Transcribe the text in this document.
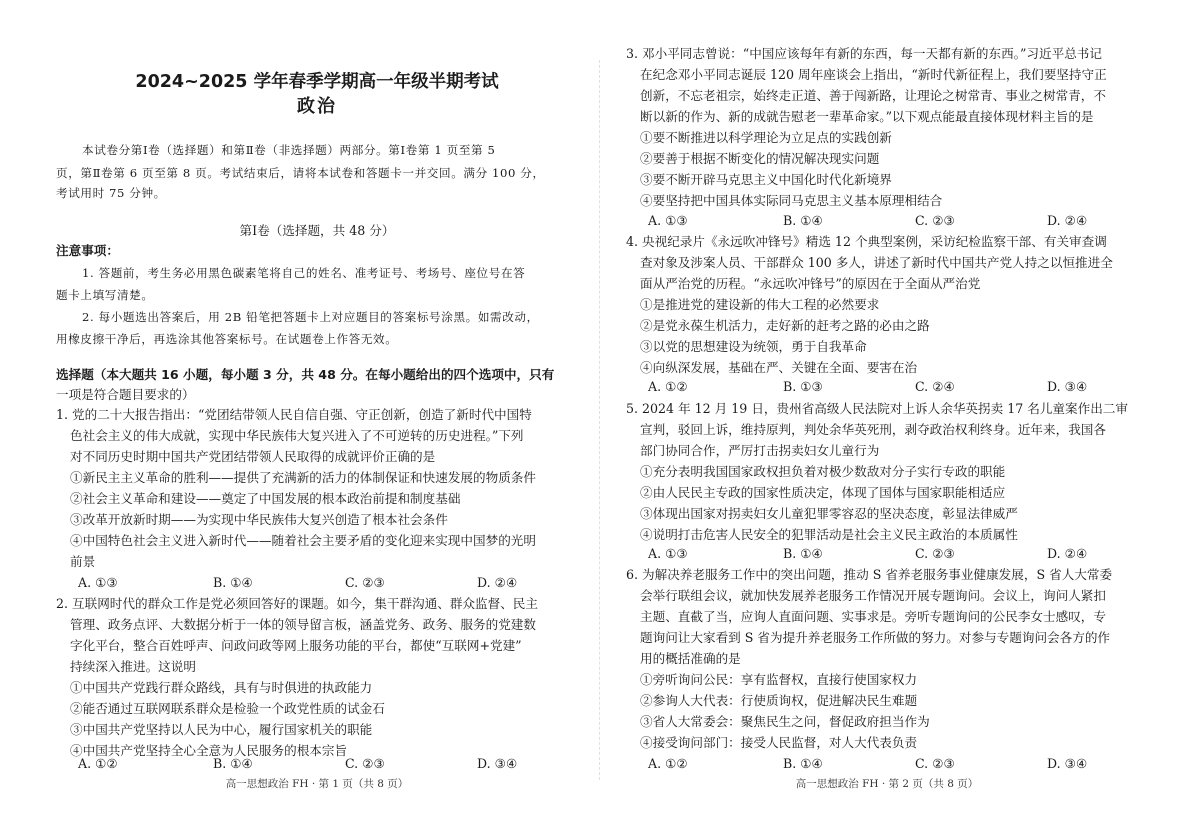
2024~2025 学年春季学期高一年级半期考试
政治
本试卷分第Ⅰ卷（选择题）和第Ⅱ卷（非选择题）两部分。第Ⅰ卷第 1 页至第 5
页，第Ⅱ卷第 6 页至第 8 页。考试结束后，请将本试卷和答题卡一并交回。满分 100 分，
考试用时 75 分钟。
第Ⅰ卷（选择题，共 48 分）
注意事项：
1. 答题前，考生务必用黑色碳素笔将自己的姓名、准考证号、考场号、座位号在答
题卡上填写清楚。
2. 每小题选出答案后，用 2B 铅笔把答题卡上对应题目的答案标号涂黑。如需改动，
用橡皮擦干净后，再选涂其他答案标号。在试题卷上作答无效。
选择题（本大题共 16 小题，每小题 3 分，共 48 分。在每小题给出的四个选项中，只有
一项是符合题目要求的）
1. 党的二十大报告指出：“党团结带领人民自信自强、守正创新，创造了新时代中国特
色社会主义的伟大成就，实现中华民族伟大复兴进入了不可逆转的历史进程。”下列
对不同历史时期中国共产党团结带领人民取得的成就评价正确的是
①新民主主义革命的胜利——提供了充满新的活力的体制保证和快速发展的物质条件
②社会主义革命和建设——奠定了中国发展的根本政治前提和制度基础
③改革开放新时期——为实现中华民族伟大复兴创造了根本社会条件
④中国特色社会主义进入新时代——随着社会主要矛盾的变化迎来实现中国梦的光明
前景
A. ①③	B. ①④	C. ②③	D. ②④
2. 互联网时代的群众工作是党必须回答好的课题。如今，集干群沟通、群众监督、民主
管理、政务点评、大数据分析于一体的领导留言板，涵盖党务、政务、服务的党建数
字化平台，整合百姓呼声、问政问政等网上服务功能的平台，都使“互联网+党建”
持续深入推进。这说明
①中国共产党践行群众路线，具有与时俱进的执政能力
②能否通过互联网联系群众是检验一个政党性质的试金石
③中国共产党坚持以人民为中心，履行国家机关的职能
④中国共产党坚持全心全意为人民服务的根本宗旨
高一思想政治 FH · 第 1 页（共 8 页）
A. ①②	B. ①④	C. ②③	D. ③④
3. 邓小平同志曾说：“中国应该每年有新的东西，每一天都有新的东西。”习近平总书记
在纪念邓小平同志诞辰 120 周年座谈会上指出，“新时代新征程上，我们要坚持守正
创新，不忘老祖宗，始终走正道、善于闯新路，让理论之树常青、事业之树常青，不
断以新的作为、新的成就告慰老一辈革命家。”以下观点能最直接体现材料主旨的是
①要不断推进以科学理论为立足点的实践创新
②要善于根据不断变化的情况解决现实问题
③要不断开辟马克思主义中国化时代化新境界
④要坚持把中国具体实际同马克思主义基本原理相结合
A. ①③	B. ①④	C. ②③	D. ②④
4. 央视纪录片《永远吹冲锋号》精选 12 个典型案例，采访纪检监察干部、有关审查调
查对象及涉案人员、干部群众 100 多人，讲述了新时代中国共产党人持之以恒推进全
面从严治党的历程。“永远吹冲锋号”的原因在于全面从严治党
①是推进党的建设新的伟大工程的必然要求
②是党永葆生机活力，走好新的赶考之路的必由之路
③以党的思想建设为统领，勇于自我革命
④向纵深发展，基础在严、关键在全面、要害在治
A. ①②	B. ①③	C. ②④	D. ③④
5. 2024 年 12 月 19 日，贵州省高级人民法院对上诉人余华英拐卖 17 名儿童案作出二审
宣判，驳回上诉，维持原判，判处余华英死刑，剥夺政治权利终身。近年来，我国各
部门协同合作，严厉打击拐卖妇女儿童行为
①充分表明我国国家政权担负着对极少数敌对分子实行专政的职能
②由人民民主专政的国家性质决定，体现了国体与国家职能相适应
③体现出国家对拐卖妇女儿童犯罪零容忍的坚决态度，彰显法律威严
④说明打击危害人民安全的犯罪活动是社会主义民主政治的本质属性
A. ①③	B. ①④	C. ②③	D. ②④
6. 为解决养老服务工作中的突出问题，推动 S 省养老服务事业健康发展，S 省人大常委
会举行联组会议，就加快发展养老服务工作情况开展专题询问。会议上，询问人紧扣
主题、直截了当，应询人直面问题、实事求是。旁听专题询问的公民李女士感叹，专
题询问让大家看到 S 省为提升养老服务工作所做的努力。对参与专题询问会各方的作
用的概括准确的是
①旁听询问公民：享有监督权，直接行使国家权力
②参询人大代表：行使质询权，促进解决民生难题
③省人大常委会：聚焦民生之问，督促政府担当作为
④接受询问部门：接受人民监督，对人大代表负责
A. ①②	B. ①④	C. ②③	D. ③④
高一思想政治 FH · 第 2 页（共 8 页）
